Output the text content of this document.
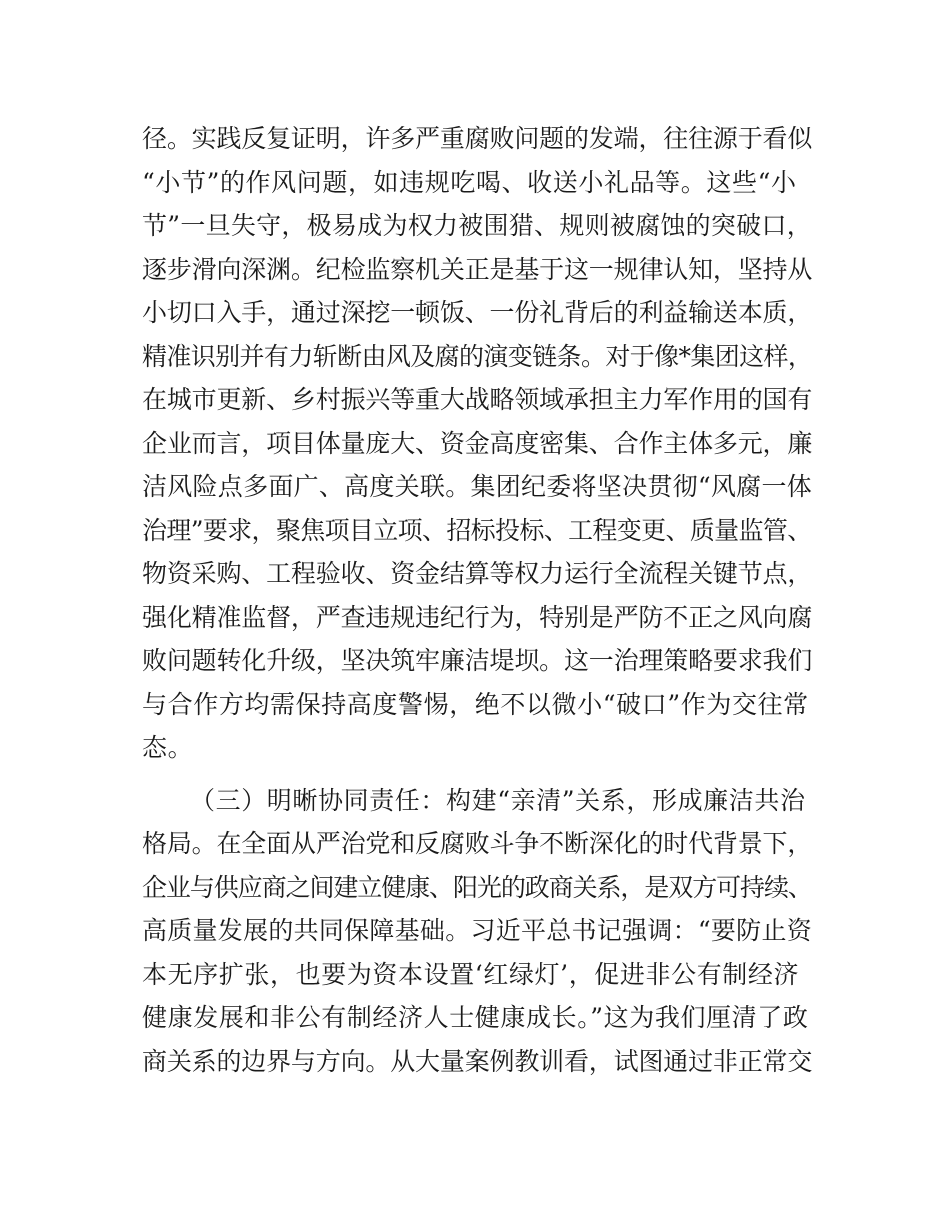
径。实践反复证明，许多严重腐败问题的发端，往往源于看似
“小节”的作风问题，如违规吃喝、收送小礼品等。这些“小
节”一旦失守，极易成为权力被围猎、规则被腐蚀的突破口，
逐步滑向深渊。纪检监察机关正是基于这一规律认知，坚持从
小切口入手，通过深挖一顿饭、一份礼背后的利益输送本质，
精准识别并有力斩断由风及腐的演变链条。对于像*集团这样，
在城市更新、乡村振兴等重大战略领域承担主力军作用的国有
企业而言，项目体量庞大、资金高度密集、合作主体多元，廉
洁风险点多面广、高度关联。集团纪委将坚决贯彻“风腐一体
治理”要求，聚焦项目立项、招标投标、工程变更、质量监管、
物资采购、工程验收、资金结算等权力运行全流程关键节点，
强化精准监督，严查违规违纪行为，特别是严防不正之风向腐
败问题转化升级，坚决筑牢廉洁堤坝。这一治理策略要求我们
与合作方均需保持高度警惕，绝不以微小“破口”作为交往常
态。
（三）明晰协同责任：构建“亲清”关系，形成廉洁共治
格局。在全面从严治党和反腐败斗争不断深化的时代背景下，
企业与供应商之间建立健康、阳光的政商关系，是双方可持续、
高质量发展的共同保障基础。习近平总书记强调：“要防止资
本无序扩张，也要为资本设置‘红绿灯’，促进非公有制经济
健康发展和非公有制经济人士健康成长。”这为我们厘清了政
商关系的边界与方向。从大量案例教训看，试图通过非正常交
